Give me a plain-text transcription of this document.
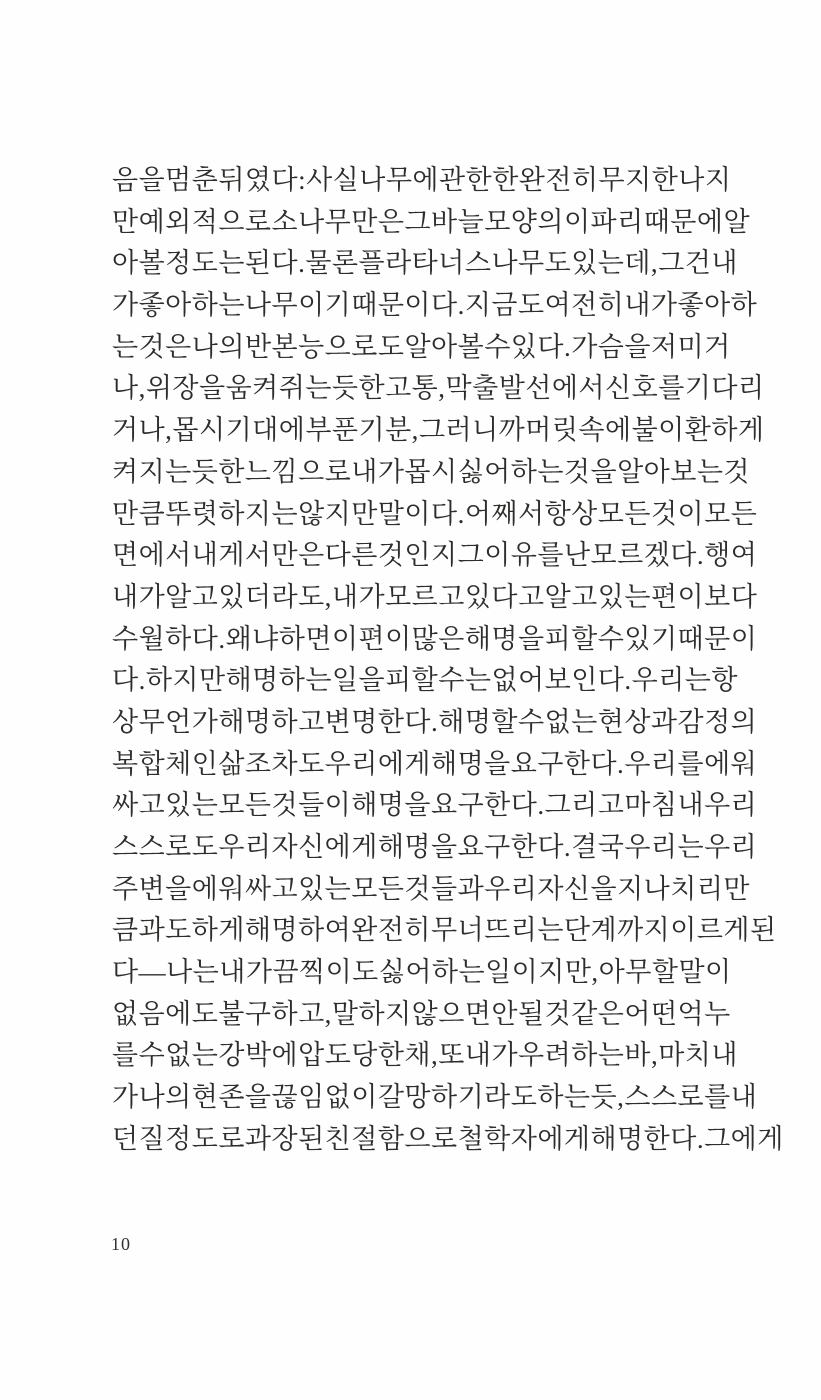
음을 멈춘 뒤였다: 사실 나무에 관한 한 완전히 무지한 나지
만 예외적으로 소나무만은 그 바늘 모양의 이파리 때문에 알
아볼 정도는 된다. 물론 플라타너스 나무도 있는데, 그건 내
가 좋아하는 나무이기 때문이다. 지금도 여전히 내가 좋아하
는 것은 나의 반본능으로도 알아볼 수 있다. 가슴을 저미거
나, 위장을 움켜쥐는 듯한 고통, 막 출발선에서 신호를 기다리
거나, 몹시 기대에 부푼 기분, 그러니까 머릿속에 불이 환하게
켜지는 듯한 느낌으로 내가 몹시 싫어하는 것을 알아보는 것
만큼 뚜렷하지는 않지만 말이다. 어째서 항상 모든 것이 모든
면에서 내게서만은 다른 것인지 그 이유를 난 모르겠다. 행여
내가 알고 있더라도, 내가 모르고 있다고 알고 있는 편이 보다
수월하다. 왜냐하면 이 편이 많은 해명을 피할 수 있기 때문이
다. 하지만 해명하는 일을 피할 수는 없어 보인다. 우리는 항
상 무언가 해명하고 변명한다. 해명할 수 없는 현상과 감정의
복합체인 삶조차도 우리에게 해명을 요구한다. 우리를 에워
싸고 있는 모든 것들이 해명을 요구한다. 그리고 마침내 우리
스스로도 우리 자신에게 해명을 요구한다. 결국 우리는 우리
주변을 에워싸고 있는 모든 것들과 우리 자신을 지나치리만
큼 과도하게 해명하여 완전히 무너뜨리는 단계까지 이르게 된
다 — 나는 내가 끔찍이도 싫어하는 일이지만, 아무 할 말이
없음에도 불구하고, 말하지 않으면 안 될 것 같은 어떤 억누
를 수 없는 강박에 압도당한 채, 또 내가 우려하는바, 마치 내
가 나의 현존을 끊임없이 갈망하기라도 하는 듯, 스스로를 내
던질 정도로 과장된 친절함으로 철학자에게 해명한다. 그에게
10
